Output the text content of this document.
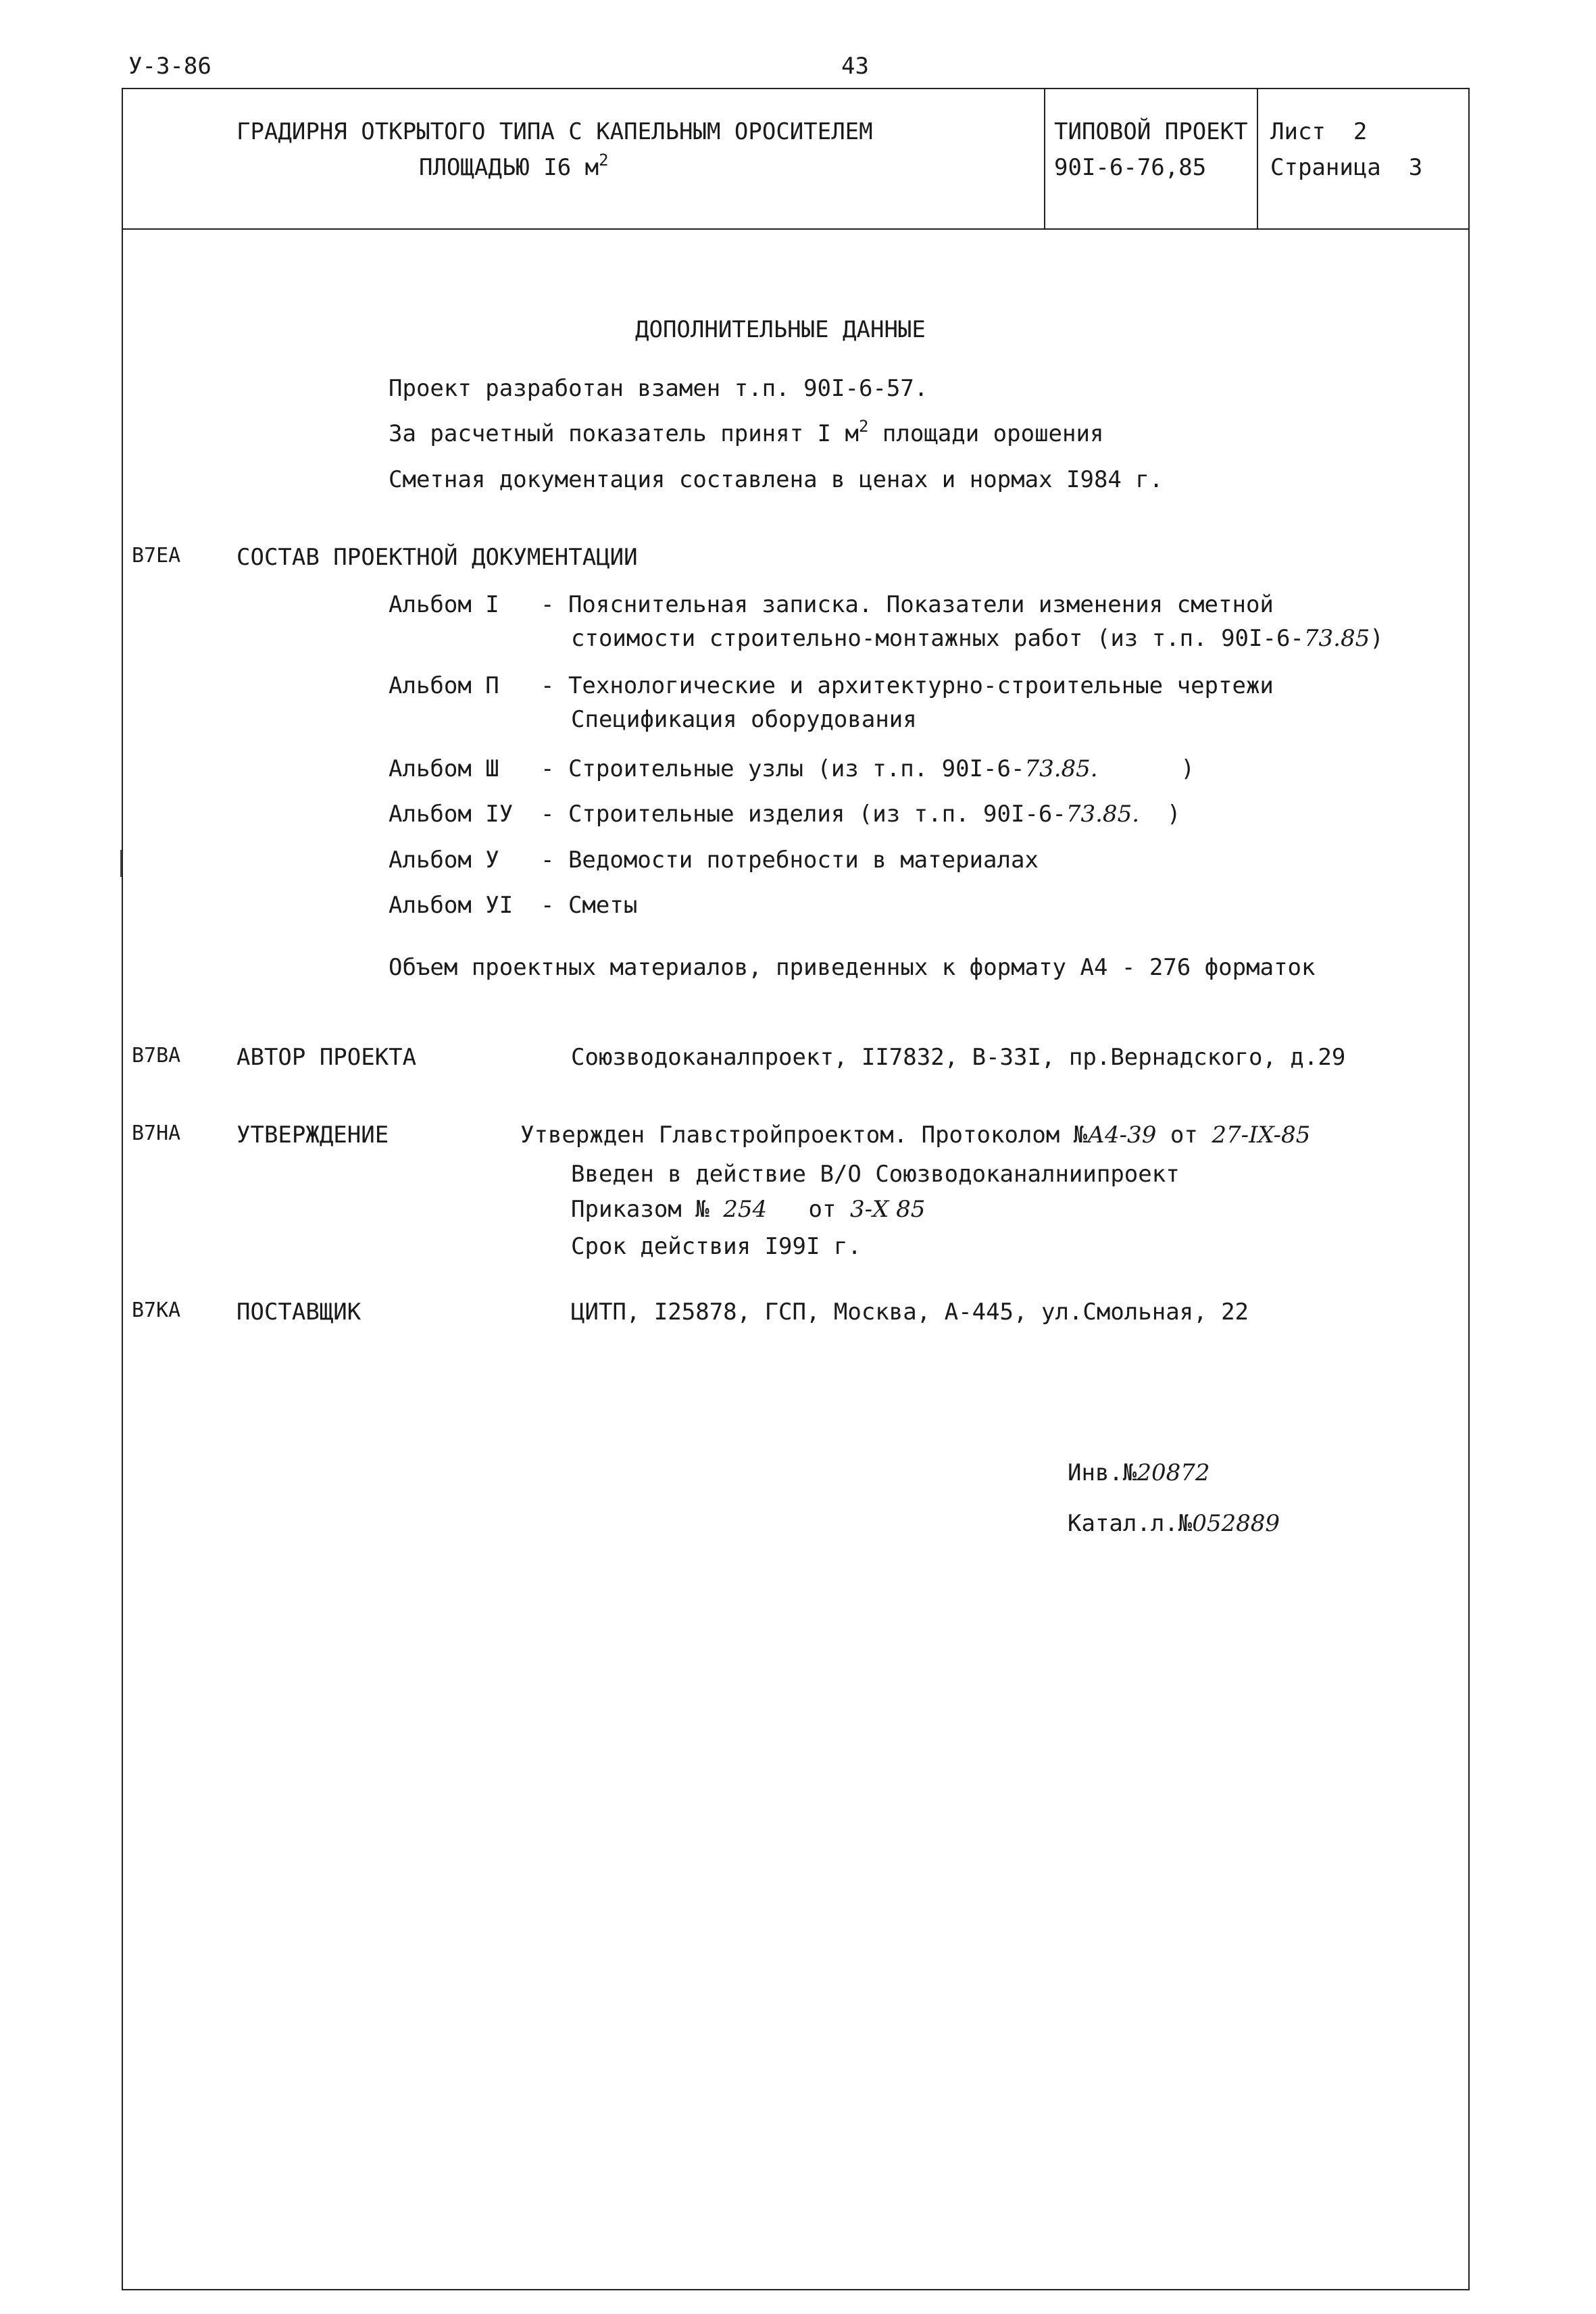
У-3-86	43
ГРАДИРНЯ ОТКРЫТОГО ТИПА С КАПЕЛЬНЫМ ОРОСИТЕЛЕМ
ПЛОЩАДЬЮ I6 $м^2$
ТИПОВОЙ ПРОЕКТ
90I-6-76,85
Лист 2
Страница 3
ДОПОЛНИТЕЛЬНЫЕ ДАННЫЕ
Проект разработан взамен т.п. 90I-6-57.
За расчетный показатель принят I $м^2$ площади орошения
Сметная документация составлена в ценах и нормах I984 г.
В7ЕА СОСТАВ ПРОЕКТНОЙ ДОКУМЕНТАЦИИ
Альбом I - Пояснительная записка. Показатели изменения сметной
стоимости строительно-монтажных работ (из т.п. 90I-6-73.85)
Альбом П - Технологические и архитектурно-строительные чертежи
Спецификация оборудования
Альбом Ш - Строительные узлы (из т.п. 90I-6-73.85.	)
Альбом IУ - Строительные изделия (из т.п. 90I-6-73.85. )
Альбом У - Ведомости потребности в материалах
Альбом УI - Сметы
Объем проектных материалов, приведенных к формату А4 - 276 форматок
В7ВА АВТОР ПРОЕКТА	Союзводоканалпроект, II7832, В-33I, пр.Вернадского, д.29
В7НА УТВЕРЖДЕНИЕ	Утвержден Главстройпроектом. Протоколом №А4-39 от 27-IX-85
Введен в действие В/О Союзводоканалниипроект
Приказом № 254 от 3-X 85
Срок действия I99I г.
В7КА ПОСТАВЩИК	ЦИТП, I25878, ГСП, Москва, А-445, ул.Смольная, 22
Инв.№20872
Катал.л.№052889
